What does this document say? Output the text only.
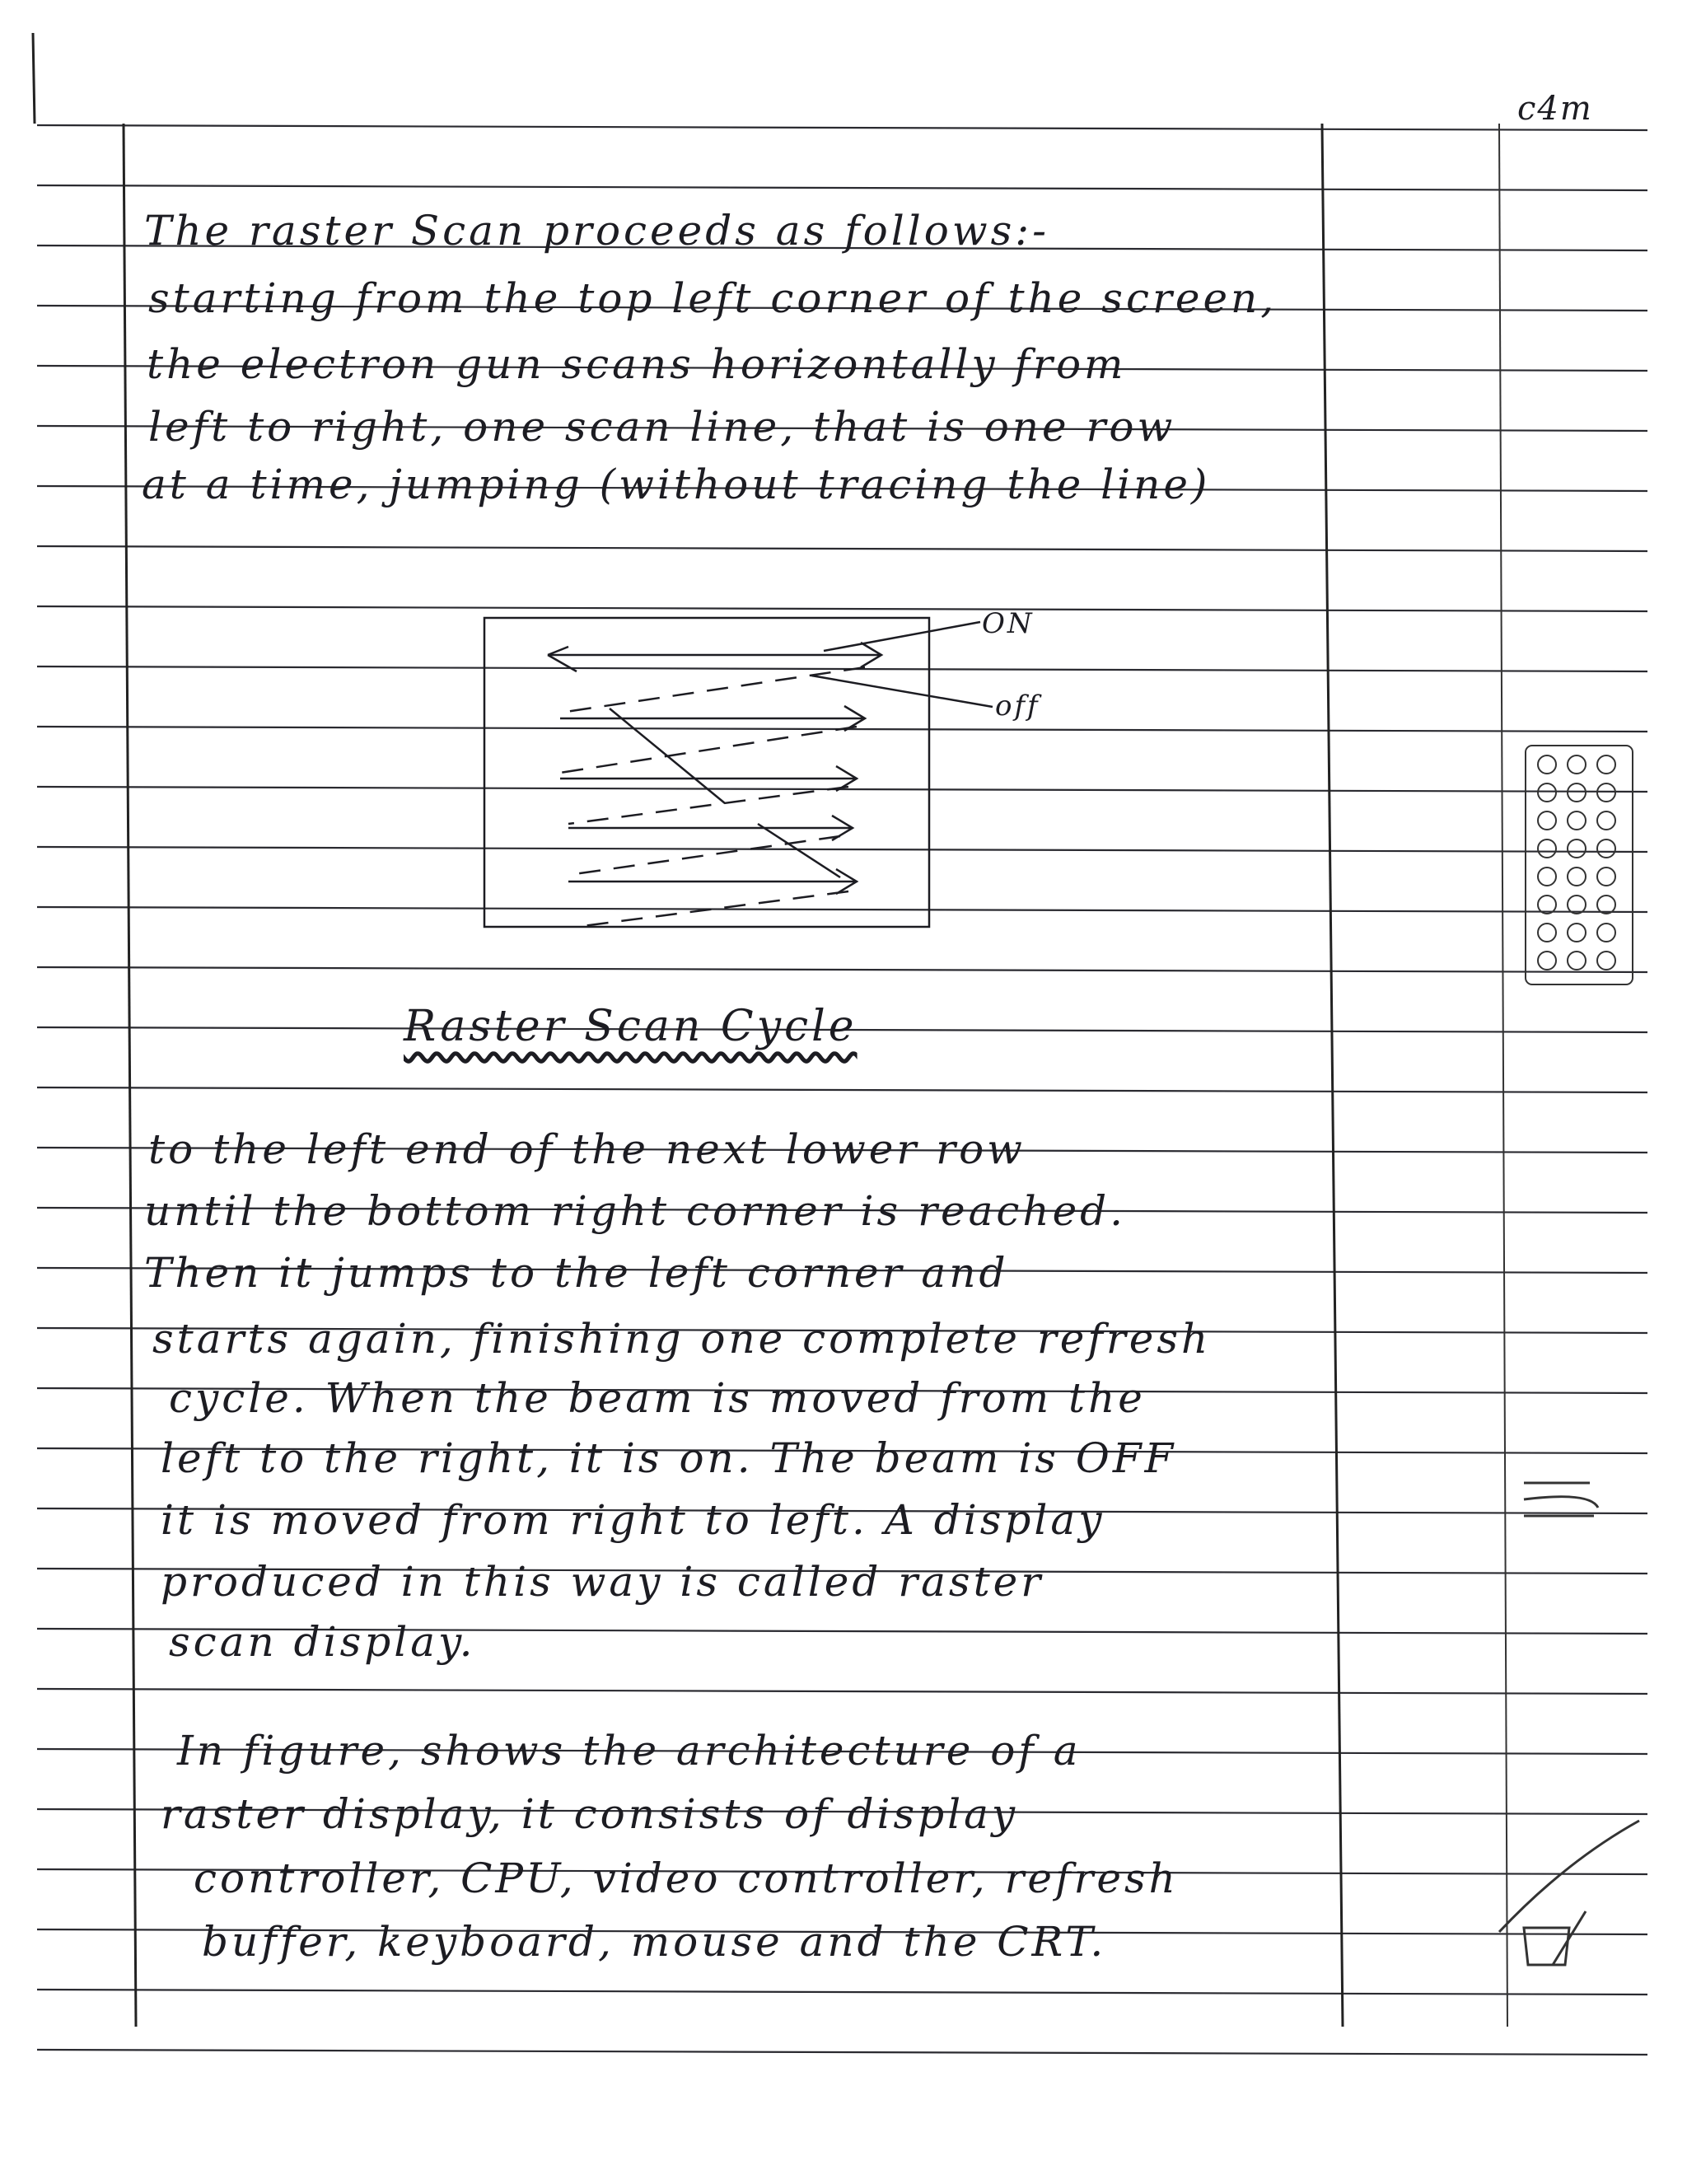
c4m
The raster Scan proceeds as follows:-
starting from the top left corner of the screen,
the electron gun scans horizontally from
left to right, one scan line, that is one row
at a time, jumping (without tracing the line)
ON
off
Raster Scan Cycle
to the left end of the next lower row
until the bottom right corner is reached.
Then it jumps to the left corner and
starts again, finishing one complete refresh
cycle. When the beam is moved from the
left to the right, it is on. The beam is OFF
it is moved from right to left. A display
produced in this way is called raster
scan display.
In figure, shows the architecture of a
raster display, it consists of display
controller, CPU, video controller, refresh
buffer, keyboard, mouse and the CRT.
